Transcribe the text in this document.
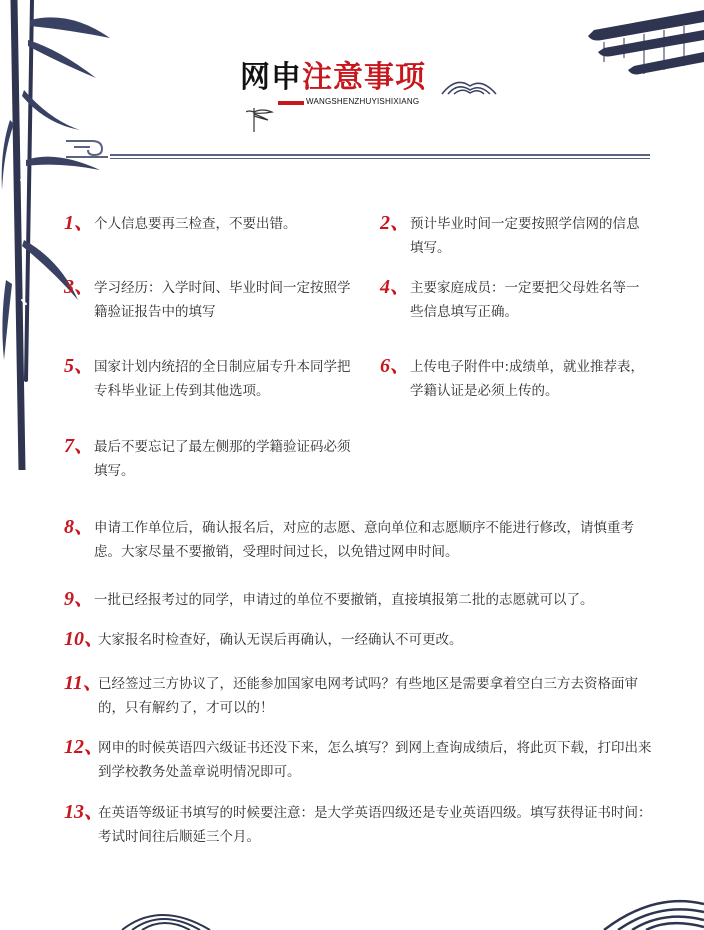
网申注意事项
WANGSHENZHUYISHIXIANG
1、 个人信息要再三检查，不要出错。	2、 预计毕业时间一定要按照学信网的信息填写。
3、 学习经历：入学时间、毕业时间一定按照学籍验证报告中的填写
4、 主要家庭成员：一定要把父母姓名等一些信息填写正确。
5、 国家计划内统招的全日制应届专升本同学把专科毕业证上传到其他选项。
6、 上传电子附件中:成绩单，就业推荐表，学籍认证是必须上传的。
7、 最后不要忘记了最左侧那的学籍验证码必须填写。
8、 申请工作单位后，确认报名后，对应的志愿、意向单位和志愿顺序不能进行修改，请慎重考虑。大家尽量不要撤销，受理时间过长，以免错过网申时间。
9、 一批已经报考过的同学，申请过的单位不要撤销，直接填报第二批的志愿就可以了。
10、
大家报名时检查好，确认无误后再确认，一经确认不可更改。
11、
已经签过三方协议了，还能参加国家电网考试吗？有些地区是需要拿着空白三方去资格面审的，只有解约了，才可以的！
12、
网申的时候英语四六级证书还没下来，怎么填写？到网上查询成绩后，将此页下载，打印出来到学校教务处盖章说明情况即可。
13、
在英语等级证书填写的时候要注意：是大学英语四级还是专业英语四级。填写获得证书时间：考试时间往后顺延三个月。
